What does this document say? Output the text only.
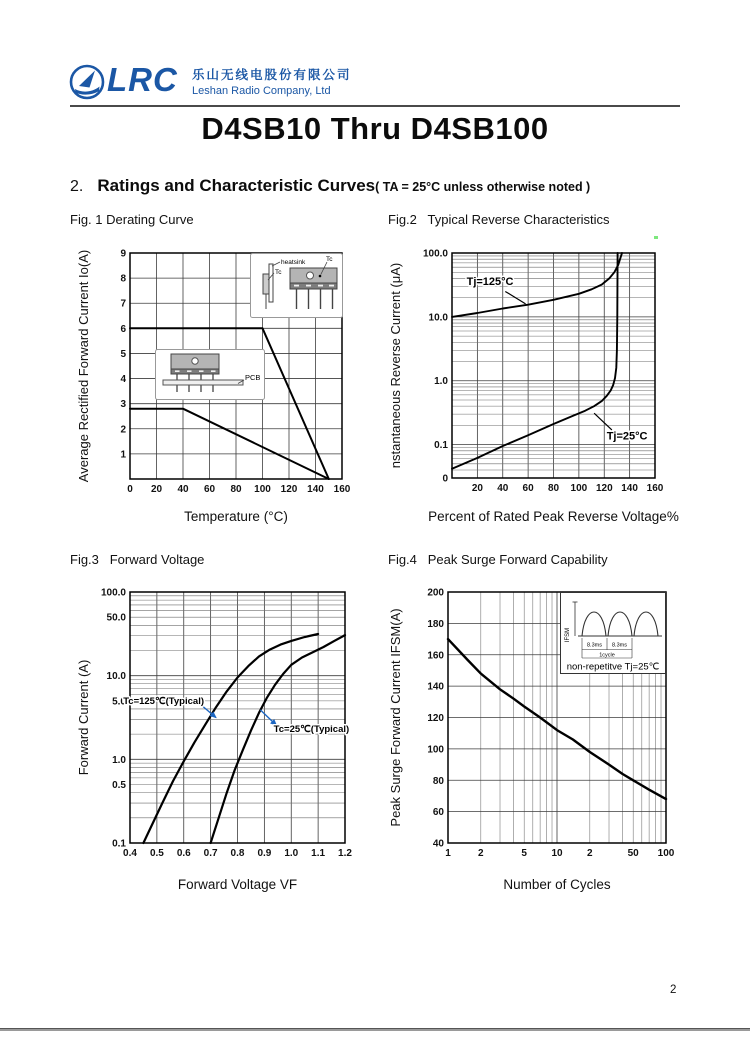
LRC 乐山无线电股份有限公司
Leshan Radio Company, Ltd
D4SB10 Thru D4SB100
2. Ratings and Characteristic Curves( TA = 25°C unless otherwise noted )
Fig. 1 Derating Curve	Fig.2   Typical Reverse Characteristics
Fig.3   Forward Voltage	Fig.4   Peak Surge Forward Capability
0 20 40 60 80 100 120 140 160
1
2
3
4
5
6
7
8
9
Average Rectified Forward Current Io(A)
Temperature (°C)
20 40 60 80 100 120 140 160
100.0
10.0
1.0
0.1
0
nstantaneous Reverse Current (μA)
Percent of Rated Peak Reverse Voltage%
Tj=125°C
Tj=25°C
0.4 0.5 0.6 0.7 0.8 0.9 1.0 1.1 1.2
100.0
50.0
10.0
5.0
1.0
0.5
0.1
Forward Current (A)
Forward Voltage VF
Tc=125℃(Typical)
Tc=25℃(Typical)
1	2	5 10 2	50 100
40
60
80
100
120
140
160
180
200
Peak Surge Forward Current IFSM(A)
Number of Cycles
heatsink
Tc
Tc
PCB
IFSM
8.3ms 8.3ms
1cycle
non-repetitve Tj=25℃
2
